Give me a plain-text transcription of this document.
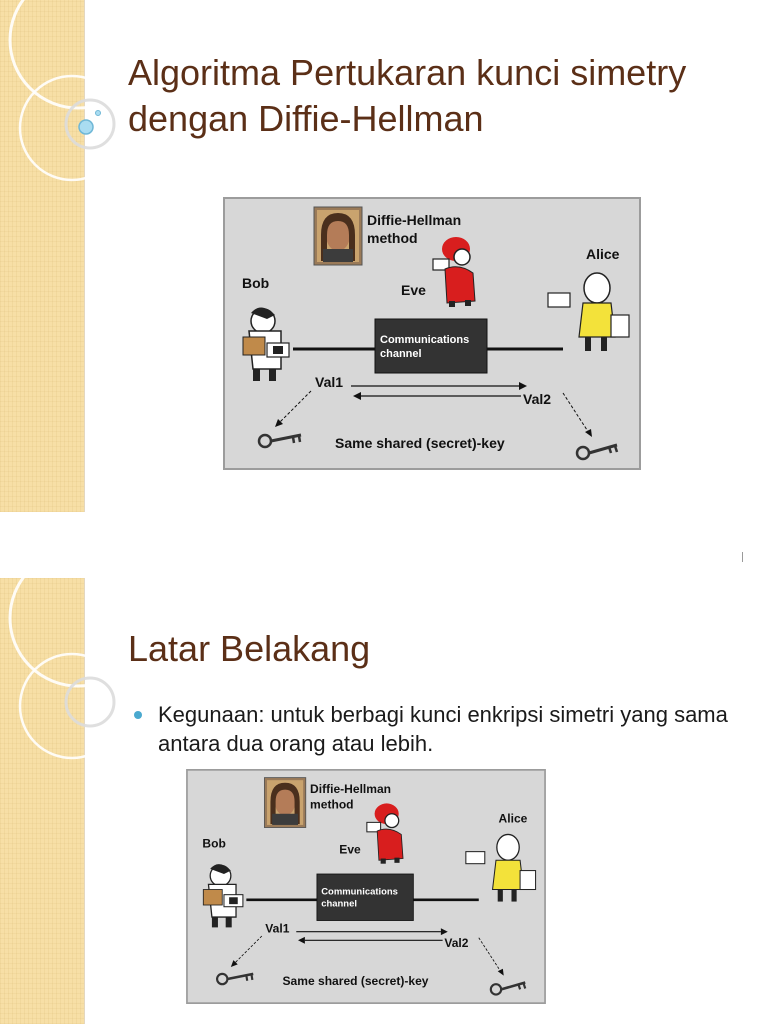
Algoritma Pertukaran kunci simetry dengan Diffie-Hellman
Diffie-Hellman
method
Bob	Eve
Alice
Communications
channel
Val1
Val2
Same shared (secret)-key
Latar Belakang
Kegunaan: untuk berbagi kunci enkripsi simetri yang sama antara dua orang atau lebih.
Diffie-Hellman
method
Bob	Eve
Alice
Communications
channel
Val1
Val2
Same shared (secret)-key
